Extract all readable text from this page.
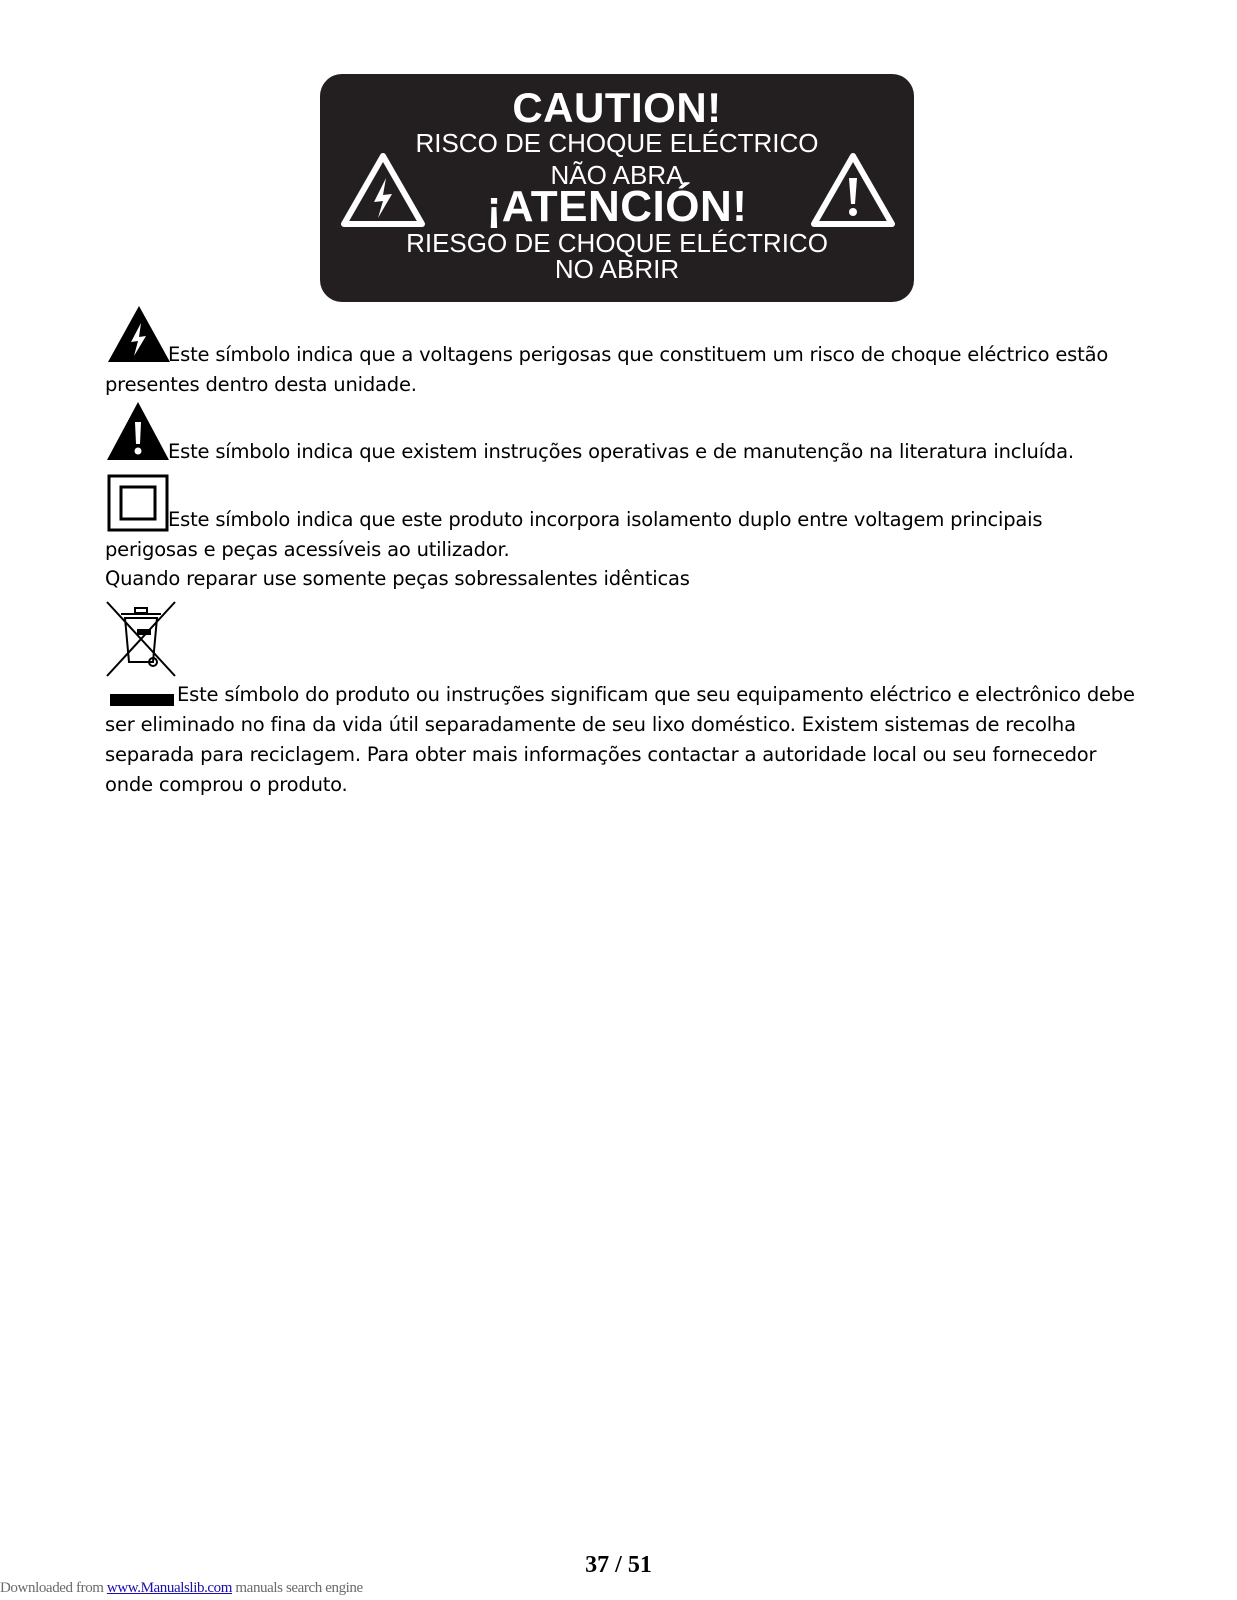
CAUTION!
RISCO DE CHOQUE ELÉCTRICO
NÃO ABRA
¡ATENCIÓN!
RIESGO DE CHOQUE ELÉCTRICO
NO ABRIR
Este símbolo indica que a voltagens perigosas que constituem um risco de choque eléctrico estão presentes dentro desta unidade.
Este símbolo indica que existem instruções operativas e de manutenção na literatura incluída.
Este símbolo indica que este produto incorpora isolamento duplo entre voltagem principais perigosas e peças acessíveis ao utilizador.
Quando reparar use somente peças sobressalentes idênticas
Este símbolo do produto ou instruções significam que seu equipamento eléctrico e electrônico debe ser eliminado no fina da vida útil separadamente de seu lixo doméstico. Existem sistemas de recolha separada para reciclagem. Para obter mais informações contactar a autoridade local ou seu fornecedor onde comprou o produto.
37 / 51
Downloaded from www.Manualslib.com manuals search engine
